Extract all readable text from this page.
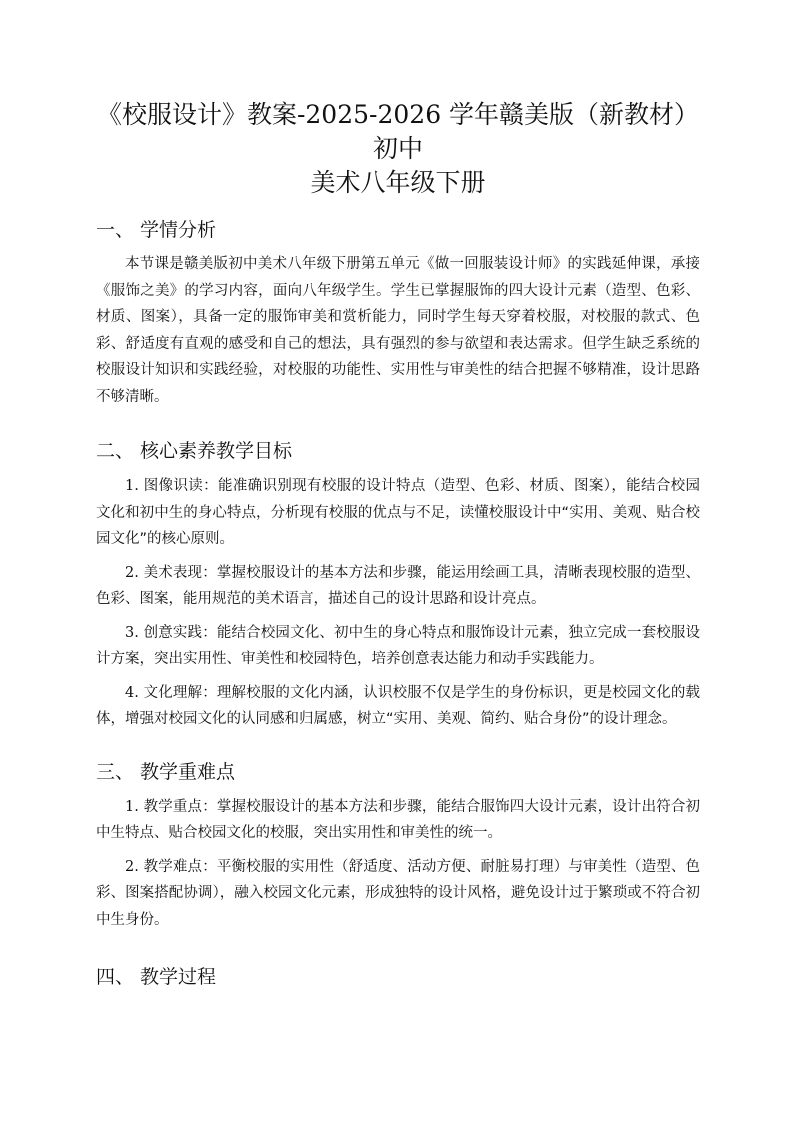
《校服设计》教案-2025-2026 学年赣美版（新教材）初中
美术八年级下册
一、 学情分析

本节课是赣美版初中美术八年级下册第五单元《做一回服装设计师》的实践延伸课，承接《服饰之美》的学习内容，面向八年级学生。学生已掌握服饰的四大设计元素（造型、色彩、材质、图案），具备一定的服饰审美和赏析能力，同时学生每天穿着校服，对校服的款式、色彩、舒适度有直观的感受和自己的想法，具有强烈的参与欲望和表达需求。但学生缺乏系统的校服设计知识和实践经验，对校服的功能性、实用性与审美性的结合把握不够精准，设计思路不够清晰。

二、 核心素养教学目标

1. 图像识读：能准确识别现有校服的设计特点（造型、色彩、材质、图案），能结合校园文化和初中生的身心特点，分析现有校服的优点与不足，读懂校服设计中“实用、美观、贴合校园文化”的核心原则。

2. 美术表现：掌握校服设计的基本方法和步骤，能运用绘画工具，清晰表现校服的造型、色彩、图案，能用规范的美术语言，描述自己的设计思路和设计亮点。

3. 创意实践：能结合校园文化、初中生的身心特点和服饰设计元素，独立完成一套校服设计方案，突出实用性、审美性和校园特色，培养创意表达能力和动手实践能力。

4. 文化理解：理解校服的文化内涵，认识校服不仅是学生的身份标识，更是校园文化的载体，增强对校园文化的认同感和归属感，树立“实用、美观、简约、贴合身份”的设计理念。

三、 教学重难点

1. 教学重点：掌握校服设计的基本方法和步骤，能结合服饰四大设计元素，设计出符合初中生特点、贴合校园文化的校服，突出实用性和审美性的统一。

2. 教学难点：平衡校服的实用性（舒适度、活动方便、耐脏易打理）与审美性（造型、色彩、图案搭配协调），融入校园文化元素，形成独特的设计风格，避免设计过于繁琐或不符合初中生身份。

四、 教学过程
